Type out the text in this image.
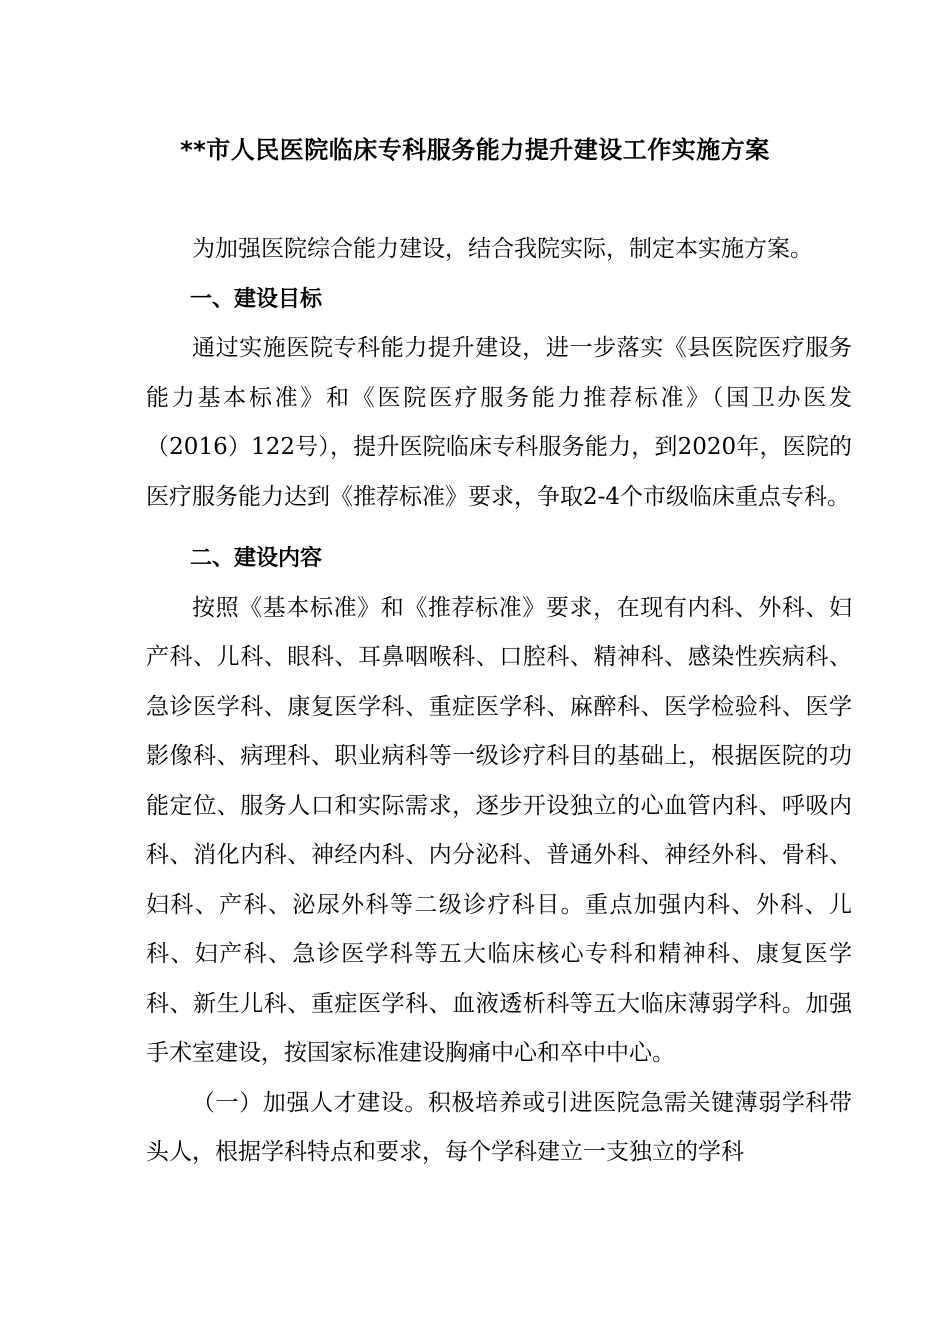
**市人民医院临床专科服务能力提升建设工作实施方案

为加强医院综合能力建设，结合我院实际，制定本实施方案。

一、建设目标

通过实施医院专科能力提升建设，进一步落实《县医院医疗服务能力基本标准》和《医院医疗服务能力推荐标准》（国卫办医发（2016）122号），提升医院临床专科服务能力，到2020年，医院的医疗服务能力达到《推荐标准》要求，争取2-4个市级临床重点专科。

二、建设内容

按照《基本标准》和《推荐标准》要求，在现有内科、外科、妇产科、儿科、眼科、耳鼻咽喉科、口腔科、精神科、感染性疾病科、急诊医学科、康复医学科、重症医学科、麻醉科、医学检验科、医学影像科、病理科、职业病科等一级诊疗科目的基础上，根据医院的功能定位、服务人口和实际需求，逐步开设独立的心血管内科、呼吸内科、消化内科、神经内科、内分泌科、普通外科、神经外科、骨科、妇科、产科、泌尿外科等二级诊疗科目。重点加强内科、外科、儿科、妇产科、急诊医学科等五大临床核心专科和精神科、康复医学科、新生儿科、重症医学科、血液透析科等五大临床薄弱学科。加强手术室建设，按国家标准建设胸痛中心和卒中中心。

（一）加强人才建设。积极培养或引进医院急需关键薄弱学科带头人，根据学科特点和要求，每个学科建立一支独立的学科
